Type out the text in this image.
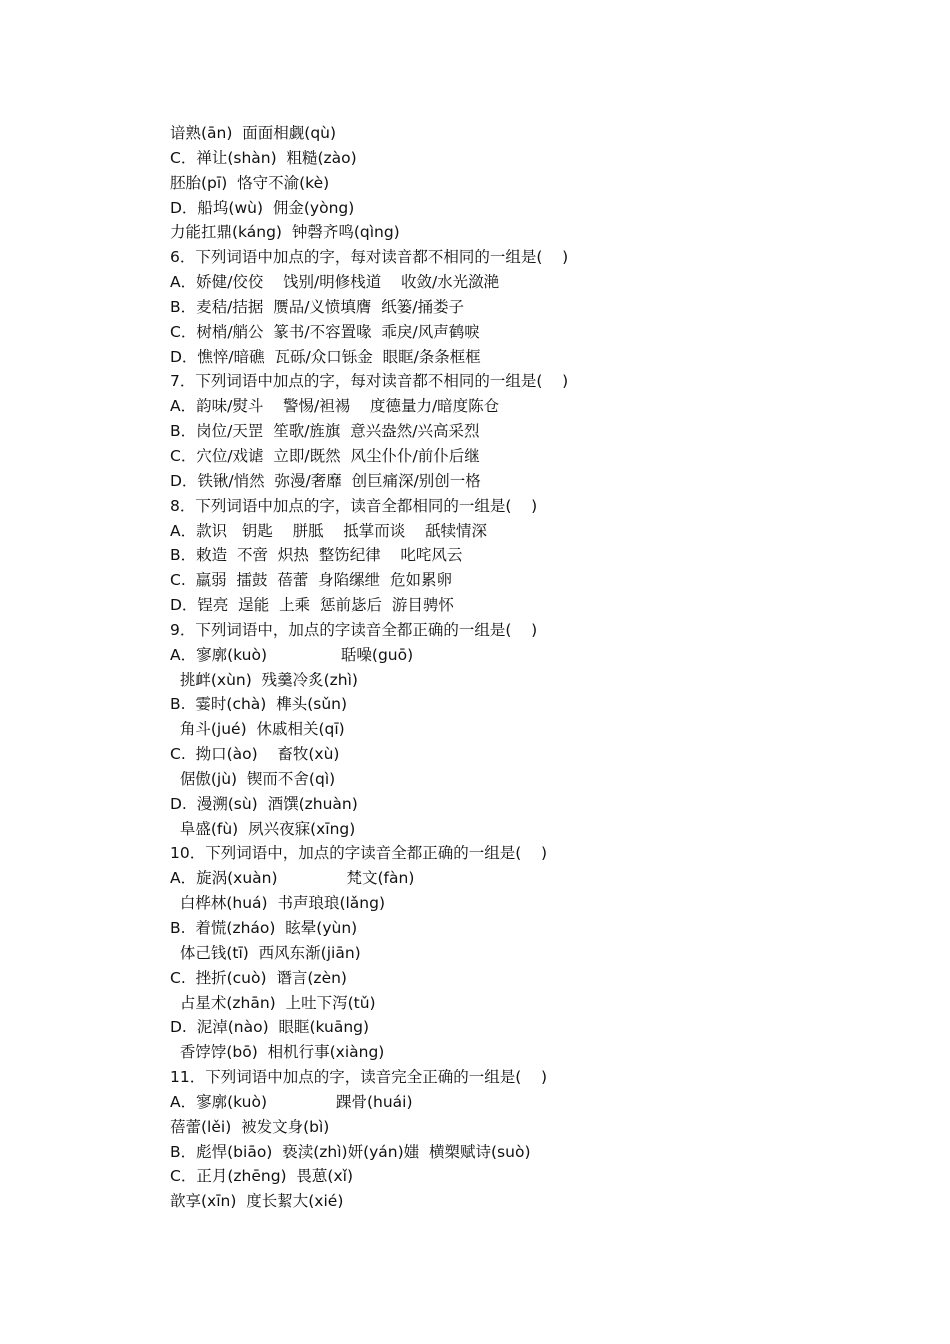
谙熟(ān)  面面相觑(qù)
C．禅让(shàn)  粗糙(zào)
胚胎(pī)  恪守不渝(kè)
D．船坞(wù)  佣金(yòng)
力能扛鼎(káng)  钟磬齐鸣(qìng)
6．下列词语中加点的字，每对读音都不相同的一组是(    )
A．娇健/佼佼    饯别/明修栈道    收敛/水光潋滟
B．麦秸/拮据  赝品/义愤填膺  纸篓/捅娄子
C．树梢/艄公  篆书/不容置喙  乖戾/风声鹤唳
D．憔悴/暗礁  瓦砾/众口铄金  眼眶/条条框框
7．下列词语中加点的字，每对读音都不相同的一组是(    )
A．韵味/熨斗    警惕/袒裼    度德量力/暗度陈仓
B．岗位/天罡  笙歌/旌旗  意兴盎然/兴高采烈
C．穴位/戏谑  立即/既然  风尘仆仆/前仆后继
D．铁锹/悄然  弥漫/奢靡  创巨痛深/别创一格
8．下列词语中加点的字，读音全都相同的一组是(    )
A．款识   钥匙    胼胝    抵掌而谈    舐犊情深
B．敕造  不啻  炽热  整饬纪律    叱咤风云
C.  羸弱  擂鼓  蓓蕾  身陷缧绁  危如累卵
D．锃亮  逞能  上乘  惩前毖后  游目骋怀
9．下列词语中，加点的字读音全都正确的一组是(    )
A．寥廓(kuò)               聒噪(guō)
挑衅(xùn)  残羹冷炙(zhì)
B.  霎时(chà)  榫头(sǔn)
角斗(jué)  休戚相关(qī)
C.  拗口(ào)    畜牧(xù)
倨傲(jù)  锲而不舍(qì)
D.  漫溯(sù)  酒馔(zhuàn)
阜盛(fù)  夙兴夜寐(xīng)
10．下列词语中，加点的字读音全都正确的一组是(    )
A．旋涡(xuàn)              梵文(fàn)
白桦林(huá)  书声琅琅(lǎng)
B.  着慌(zháo)  眩晕(yùn)
体己钱(tī)  西风东渐(jiān)
C.  挫折(cuò)  谮言(zèn)
占星术(zhān)  上吐下泻(tǔ)
D.  泥淖(nào)  眼眶(kuāng)
香饽饽(bō)  相机行事(xiàng)
11．下列词语中加点的字，读音完全正确的一组是(    )
A．寥廓(kuò)              踝骨(huái)
蓓蕾(lěi)  被发文身(bì)
B．彪悍(biāo)  亵渎(zhì)妍(yán)媸  横槊赋诗(suò)
C．正月(zhēng)  畏葸(xǐ)
歆享(xīn)  度长絜大(xié)
